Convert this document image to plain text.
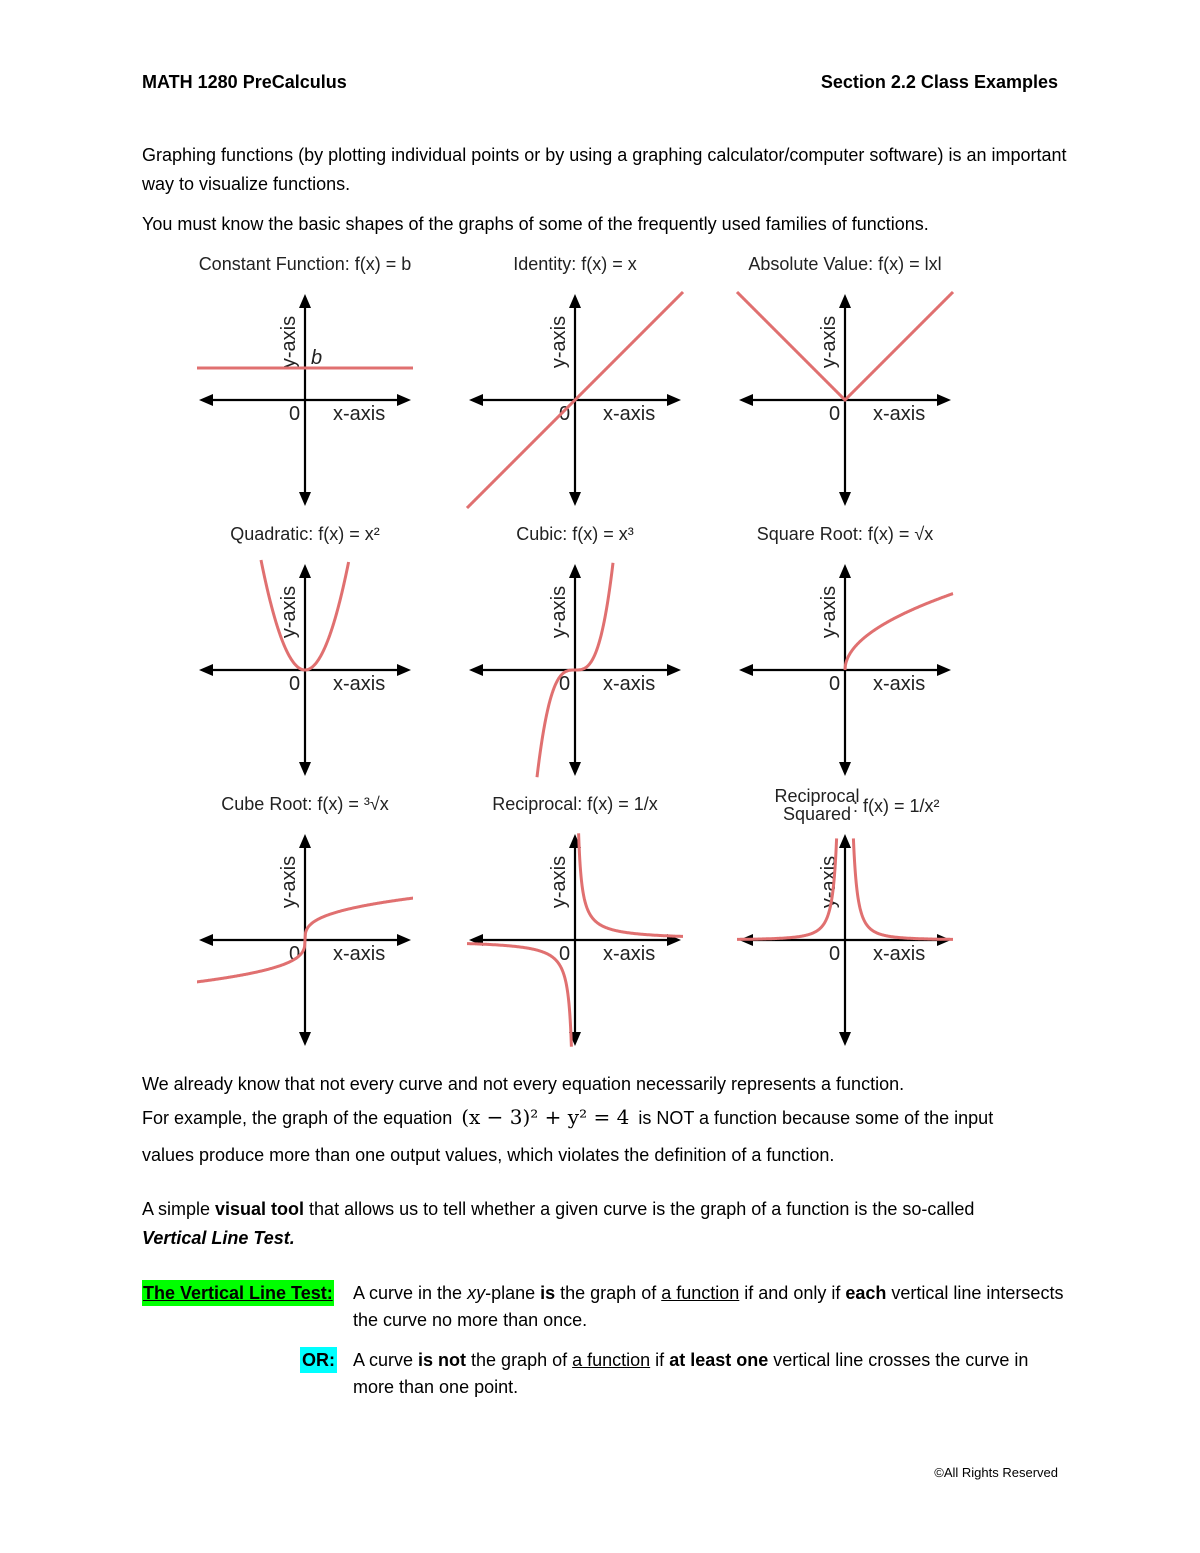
MATH 1280 PreCalculus	Section 2.2 Class Examples
Graphing functions (by plotting individual points or by using a graphing calculator/computer software) is an important way to visualize functions.
You must know the basic shapes of the graphs of some of the frequently used families of functions.
Constant Function: f(x) = b
x-axis
y-axis
0
b
Identity: f(x) = x
x-axis
y-axis
0
Absolute Value: f(x) = lxl
x-axis
y-axis
0
Quadratic: f(x) = x²
x-axis
y-axis
0
Cubic: f(x) = x³
x-axis
y-axis
0
Square Root: f(x) = √x
x-axis
y-axis
0
Cube Root: f(x) = ³√x
x-axis
y-axis
0
Reciprocal: f(x) = 1/x
x-axis
y-axis
0
Reciprocal
Squared : f(x) = 1/x²
x-axis
y-axis
0
We already know that not every curve and not every equation necessarily represents a function.
For example, the graph of the equation (x − 3)² + y² = 4 is NOT a function because some of the input
values produce more than one output values, which violates the definition of a function.
A simple visual tool that allows us to tell whether a given curve is the graph of a function is the so-called
Vertical Line Test.
The Vertical Line Test: A curve in the xy-plane is the graph of a function if and only if each vertical line intersects the curve no more than once.
OR: A curve is not the graph of a function if at least one vertical line crosses the curve in more than one point.
©All Rights Reserved
